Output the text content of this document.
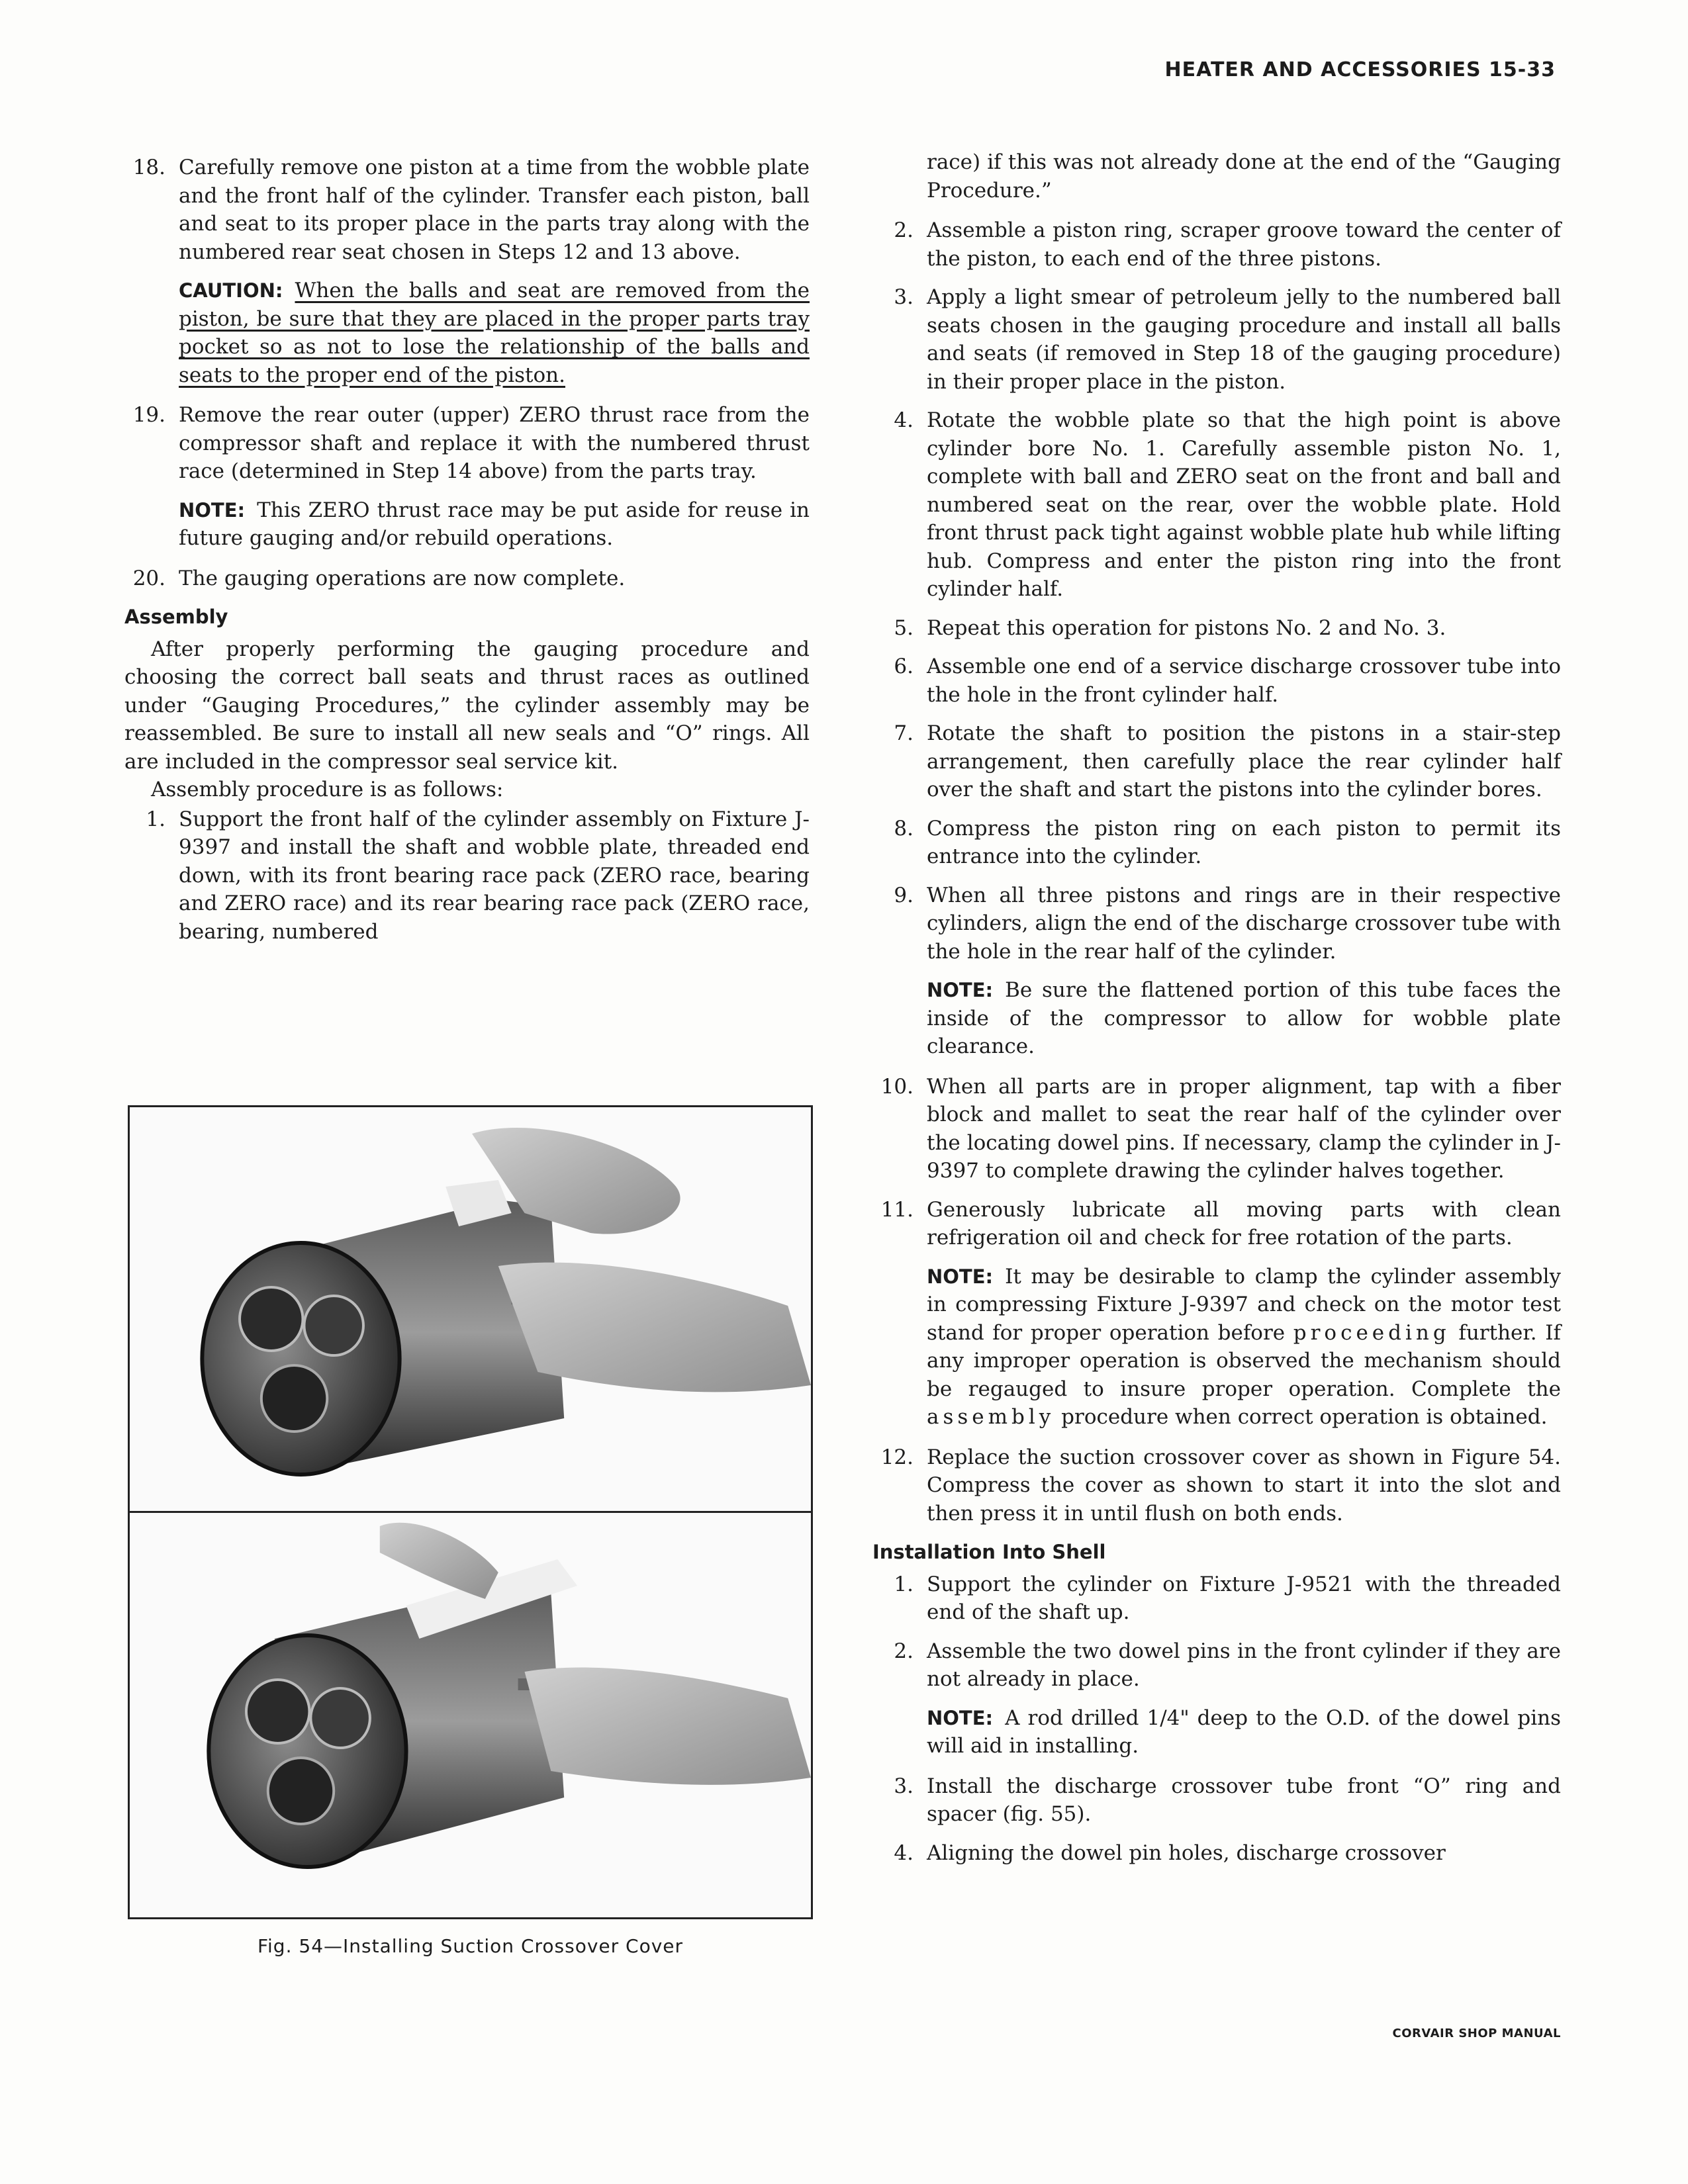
HEATER AND ACCESSORIES 15-33
18. Carefully remove one piston at a time from the wobble plate and the front half of the cylinder. Transfer each piston, ball and seat to its proper place in the parts tray along with the numbered rear seat chosen in Steps 12 and 13 above.
CAUTION: When the balls and seat are removed from the piston, be sure that they are placed in the proper parts tray pocket so as not to lose the relationship of the balls and seats to the proper end of the piston.
19. Remove the rear outer (upper) ZERO thrust race from the compressor shaft and replace it with the numbered thrust race (determined in Step 14 above) from the parts tray.
NOTE: This ZERO thrust race may be put aside for reuse in future gauging and/or rebuild operations.
20. The gauging operations are now complete.
Assembly

After properly performing the gauging procedure and choosing the correct ball seats and thrust races as outlined under “Gauging Procedures,” the cylinder assembly may be reassembled. Be sure to install all new seals and “O” rings. All are included in the compressor seal service kit.

Assembly procedure is as follows:

1. Support the front half of the cylinder assembly on Fixture J-9397 and install the shaft and wobble plate, threaded end down, with its front bearing race pack (ZERO race, bearing and ZERO race) and its rear bearing race pack (ZERO race, bearing, numbered
Fig. 54—Installing Suction Crossover Cover

race) if this was not already done at the end of the “Gauging Procedure.”

2. Assemble a piston ring, scraper groove toward the center of the piston, to each end of the three pistons.
3. Apply a light smear of petroleum jelly to the numbered ball seats chosen in the gauging procedure and install all balls and seats (if removed in Step 18 of the gauging procedure) in their proper place in the piston.
4. Rotate the wobble plate so that the high point is above cylinder bore No. 1. Carefully assemble piston No. 1, complete with ball and ZERO seat on the front and ball and numbered seat on the rear, over the wobble plate. Hold front thrust pack tight against wobble plate hub while lifting hub. Compress and enter the piston ring into the front cylinder half.
5. Repeat this operation for pistons No. 2 and No. 3.
6. Assemble one end of a service discharge crossover tube into the hole in the front cylinder half.
7. Rotate the shaft to position the pistons in a stair-step arrangement, then carefully place the rear cylinder half over the shaft and start the pistons into the cylinder bores.
8. Compress the piston ring on each piston to permit its entrance into the cylinder.
9. When all three pistons and rings are in their respective cylinders, align the end of the discharge crossover tube with the hole in the rear half of the cylinder.
NOTE: Be sure the flattened portion of this tube faces the inside of the compressor to allow for wobble plate clearance.
10. When all parts are in proper alignment, tap with a fiber block and mallet to seat the rear half of the cylinder over the locating dowel pins. If necessary, clamp the cylinder in J-9397 to complete drawing the cylinder halves together.
11. Generously lubricate all moving parts with clean refrigeration oil and check for free rotation of the parts.
NOTE: It may be desirable to clamp the cylinder assembly in compressing Fixture J-9397 and check on the motor test stand for proper operation before proceeding further. If any improper operation is observed the mechanism should be regauged to insure proper operation. Complete the assembly procedure when correct operation is obtained.
12. Replace the suction crossover cover as shown in Figure 54. Compress the cover as shown to start it into the slot and then press it in until flush on both ends.
Installation Into Shell
1. Support the cylinder on Fixture J-9521 with the threaded end of the shaft up.
2. Assemble the two dowel pins in the front cylinder if they are not already in place.
NOTE: A rod drilled 1/4" deep to the O.D. of the dowel pins will aid in installing.
3. Install the discharge crossover tube front “O” ring and spacer (fig. 55).
4. Aligning the dowel pin holes, discharge crossover
CORVAIR SHOP MANUAL
